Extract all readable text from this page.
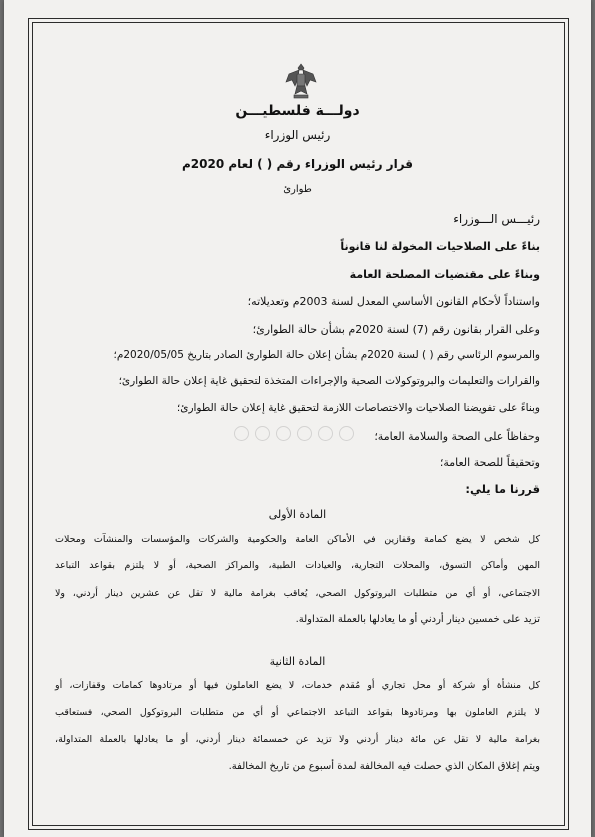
دولـــة فلسطيـــن
رئيس الوزراء
قرار رئيس الوزراء رقم ( ) لعام 2020م
طوارئ
رئيـــس الـــوزراء
بناءً على الصلاحيات المخولة لنا قانوناً
وبناءً على مقتضيات المصلحة العامة
واستناداً لأحكام القانون الأساسي المعدل لسنة 2003م وتعديلاته؛
وعلى القرار بقانون رقم (7) لسنة 2020م بشأن حالة الطوارئ؛
والمرسوم الرئاسي رقم ( ) لسنة 2020م بشأن إعلان حالة الطوارئ الصادر بتاريخ 2020/05/05م؛
والقرارات والتعليمات والبروتوكولات الصحية والإجراءات المتخذة لتحقيق غاية إعلان حالة الطوارئ؛
وبناءً على تفويضنا الصلاحيات والاختصاصات اللازمة لتحقيق غاية إعلان حالة الطوارئ؛
وحفاظاً على الصحة والسلامة العامة؛
وتحقيقاً للصحة العامة؛
قررنا ما يلي:
المادة الأولى
كل شخص لا يضع كمامة وقفازين في الأماكن العامة والحكومية والشركات والمؤسسات والمنشآت ومحلات
المهن وأماكن التسوق، والمحلات التجارية، والعيادات الطبية، والمراكز الصحية، أو لا يلتزم بقواعد التباعد
الاجتماعي، أو أي من متطلبات البروتوكول الصحي، يُعاقب بغرامة مالية لا تقل عن عشرين دينار أردني، ولا
تزيد على خمسين دينار أردني أو ما يعادلها بالعملة المتداولة.
المادة الثانية
كل منشأة أو شركة أو محل تجاري أو مُقدم خدمات، لا يضع العاملون فيها أو مرتادوها كمامات وقفازات، أو
لا يلتزم العاملون بها ومرتادوها بقواعد التباعد الاجتماعي أو أي من متطلبات البروتوكول الصحي، فستعاقب
بغرامة مالية لا تقل عن مائة دينار أردني ولا تزيد عن خمسمائة دينار أردني، أو ما يعادلها بالعملة المتداولة،
ويتم إغلاق المكان الذي حصلت فيه المخالفة لمدة أسبوع من تاريخ المخالفة.
